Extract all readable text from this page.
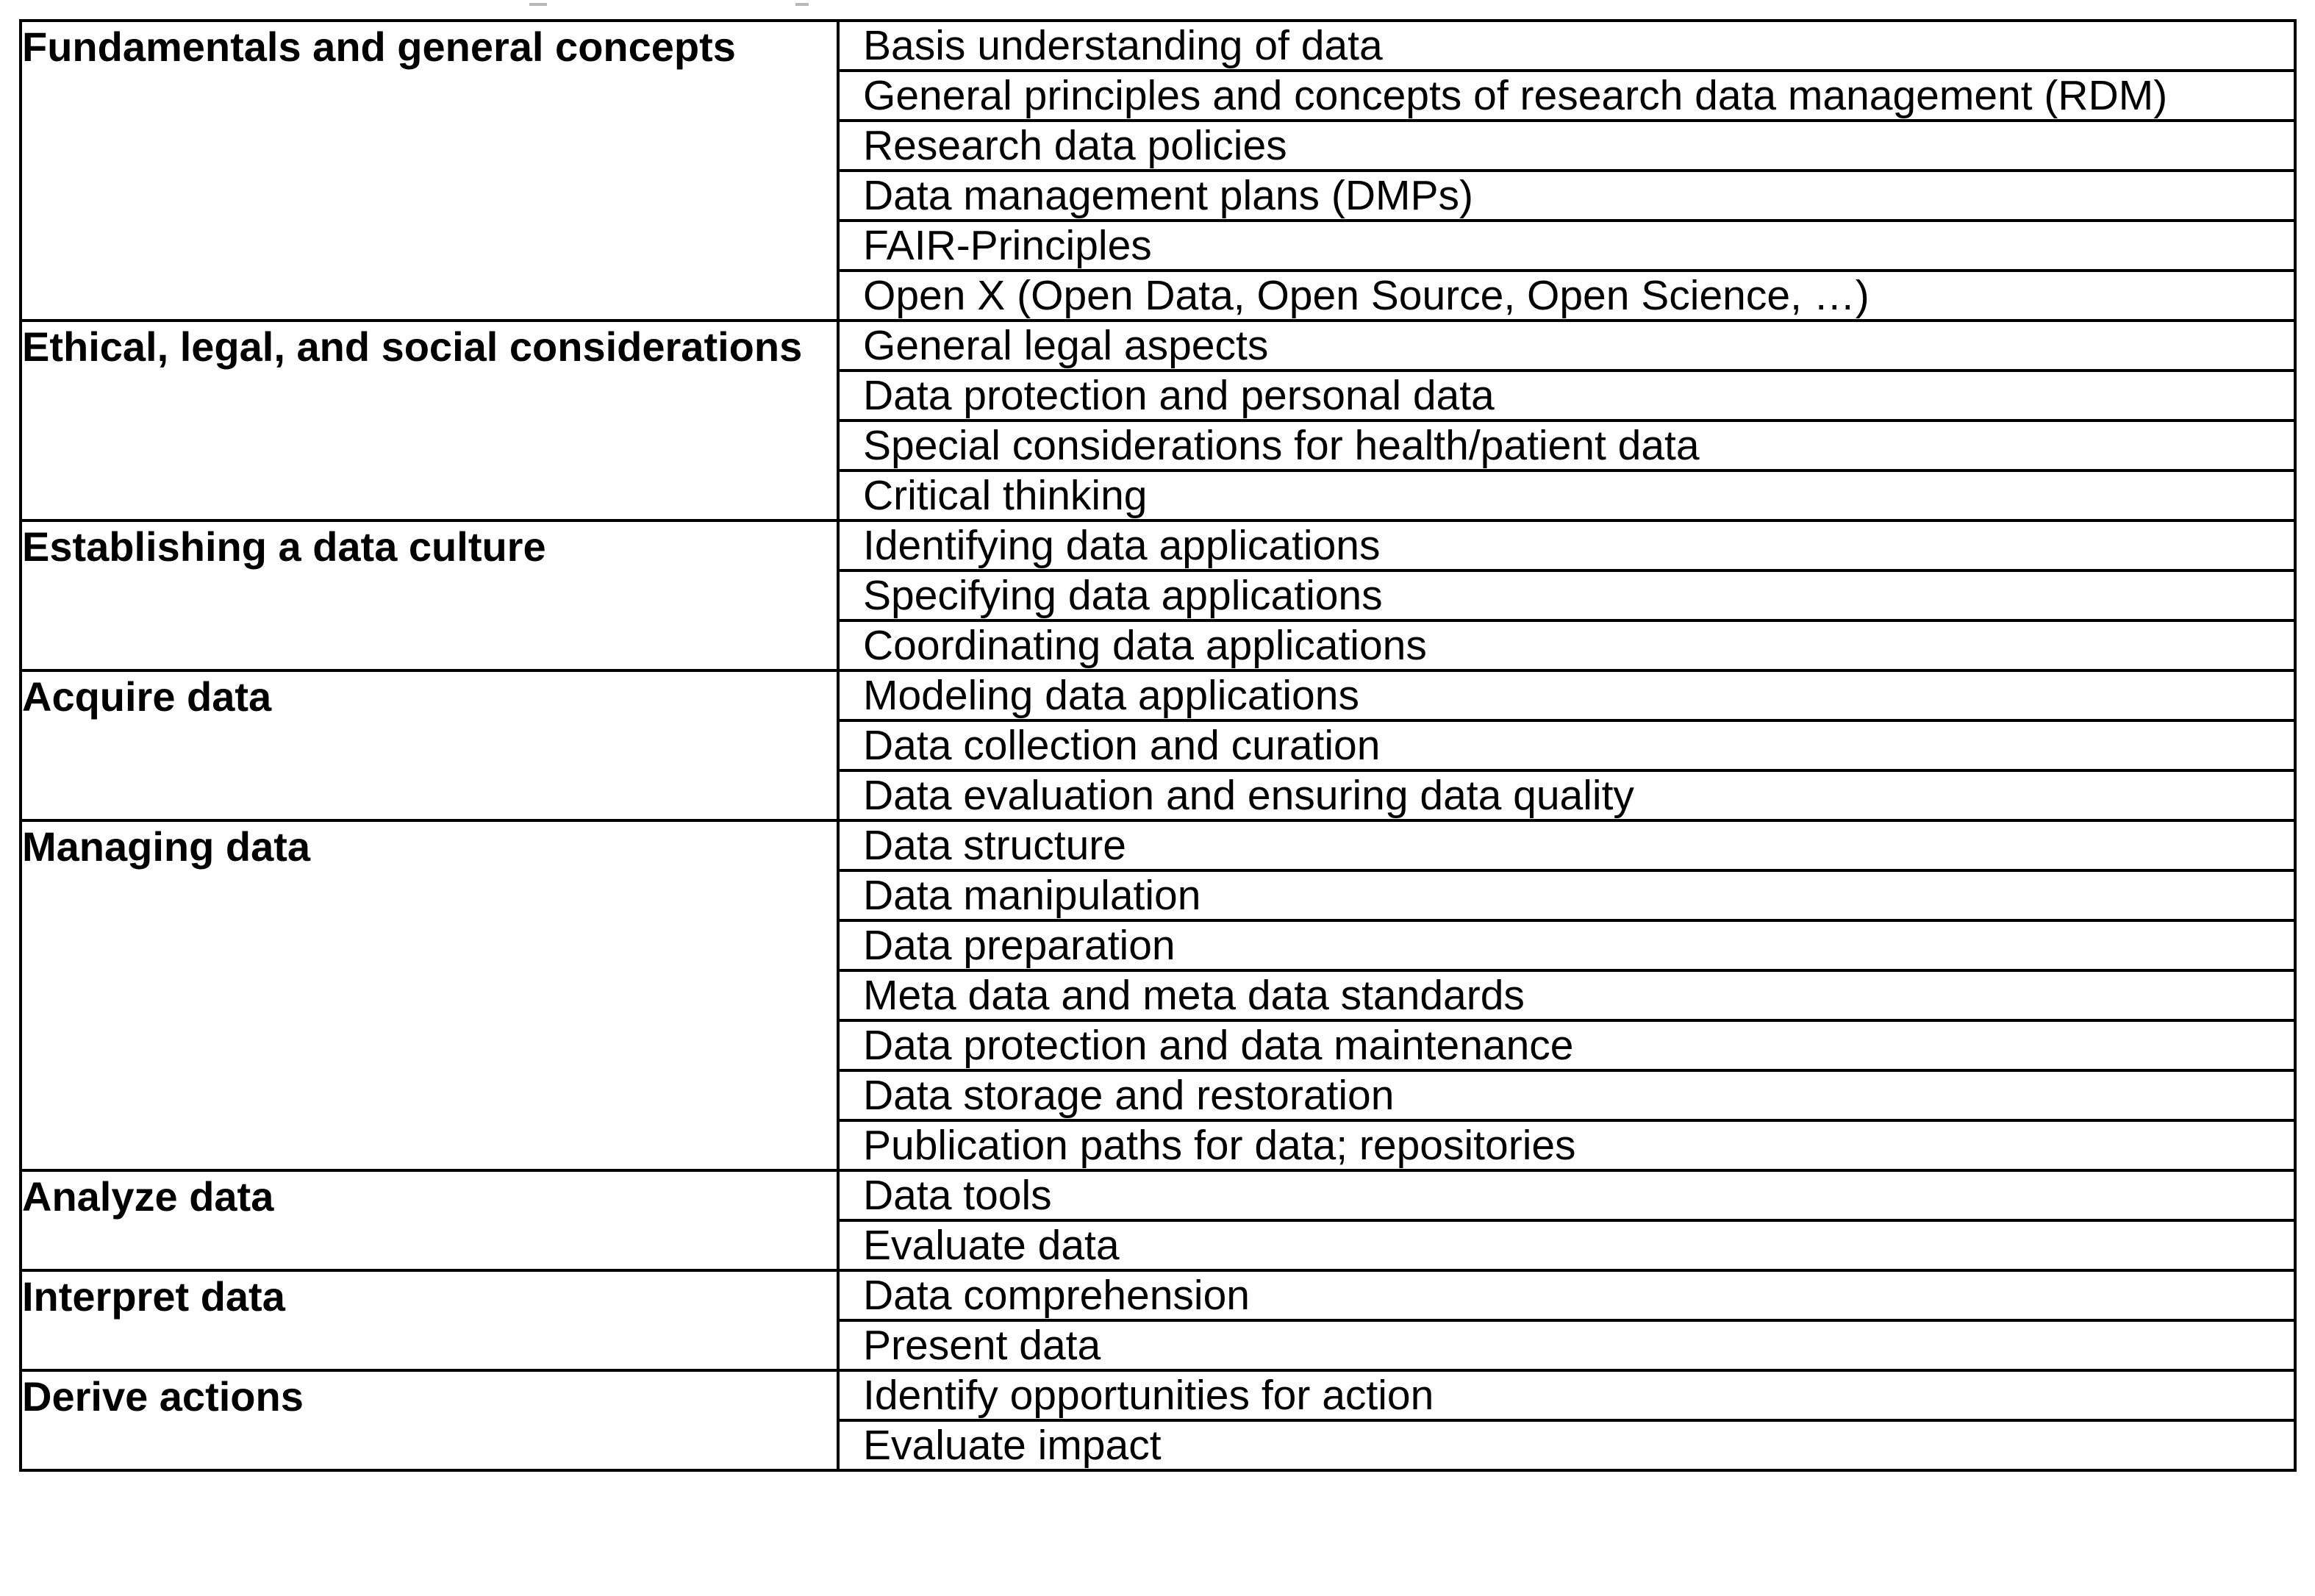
Fundamentals and general concepts	Basis understanding of data

	General principles and concepts of research data management (RDM)

	Research data policies

	Data management plans (DMPs)

	FAIR-Principles

	Open X (Open Data, Open Source, Open Science, …)

Ethical, legal, and social considerations	General legal aspects

	Data protection and personal data

	Special considerations for health/patient data

	Critical thinking

Establishing a data culture	Identifying data applications

	Specifying data applications

	Coordinating data applications

Acquire data	Modeling data applications

	Data collection and curation

	Data evaluation and ensuring data quality

Managing data	Data structure

	Data manipulation

	Data preparation

	Meta data and meta data standards

	Data protection and data maintenance

	Data storage and restoration

	Publication paths for data; repositories

Analyze data	Data tools

	Evaluate data

Interpret data	Data comprehension

	Present data

Derive actions	Identify opportunities for action

	Evaluate impact
